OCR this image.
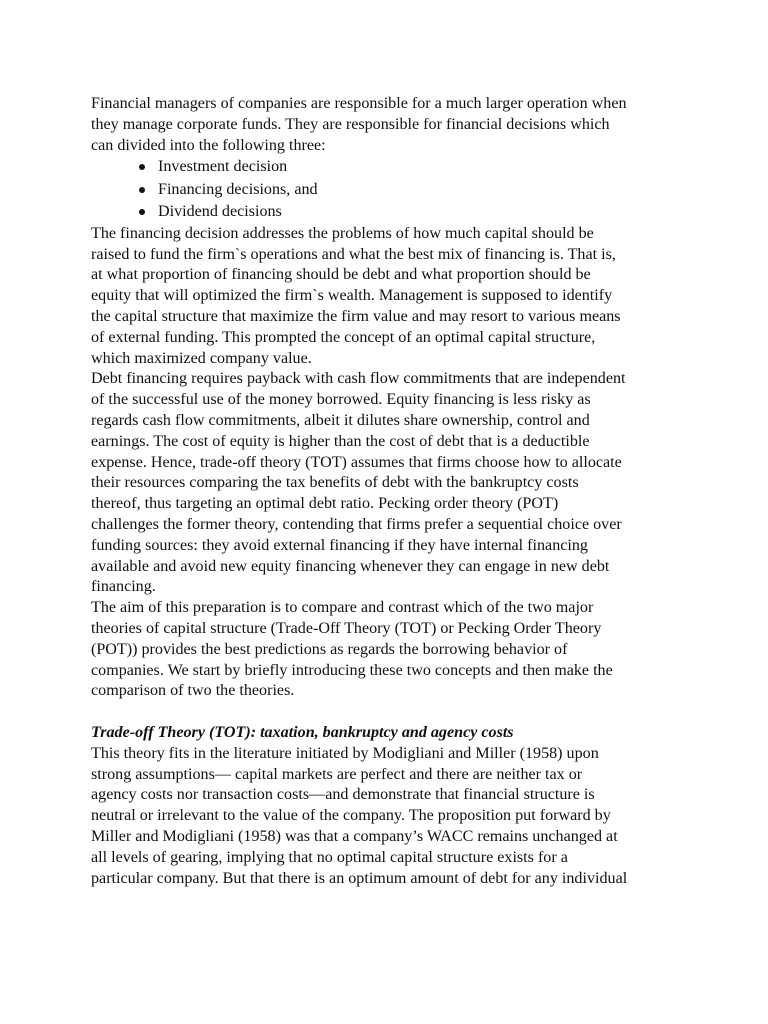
Financial managers of companies are responsible for a much larger operation when
they manage corporate funds. They are responsible for financial decisions which
can divided into the following three:

Investment decision
Financing decisions, and
Dividend decisions

The financing decision addresses the problems of how much capital should be
raised to fund the firm`s operations and what the best mix of financing is. That is,
at what proportion of financing should be debt and what proportion should be
equity that will optimized the firm`s wealth. Management is supposed to identify
the capital structure that maximize the firm value and may resort to various means
of external funding. This prompted the concept of an optimal capital structure,
which maximized company value.

Debt financing requires payback with cash flow commitments that are independent
of the successful use of the money borrowed. Equity financing is less risky as
regards cash flow commitments, albeit it dilutes share ownership, control and
earnings. The cost of equity is higher than the cost of debt that is a deductible
expense. Hence, trade-off theory (TOT) assumes that firms choose how to allocate
their resources comparing the tax benefits of debt with the bankruptcy costs
thereof, thus targeting an optimal debt ratio. Pecking order theory (POT)
challenges the former theory, contending that firms prefer a sequential choice over
funding sources: they avoid external financing if they have internal financing
available and avoid new equity financing whenever they can engage in new debt
financing.

The aim of this preparation is to compare and contrast which of the two major
theories of capital structure (Trade-Off Theory (TOT) or Pecking Order Theory
(POT)) provides the best predictions as regards the borrowing behavior of
companies. We start by briefly introducing these two concepts and then make the
comparison of two the theories.

Trade-off Theory (TOT): taxation, bankruptcy and agency costs

This theory fits in the literature initiated by Modigliani and Miller (1958) upon
strong assumptions— capital markets are perfect and there are neither tax or
agency costs nor transaction costs—and demonstrate that financial structure is
neutral or irrelevant to the value of the company. The proposition put forward by
Miller and Modigliani (1958) was that a company’s WACC remains unchanged at
all levels of gearing, implying that no optimal capital structure exists for a
particular company. But that there is an optimum amount of debt for any individual
